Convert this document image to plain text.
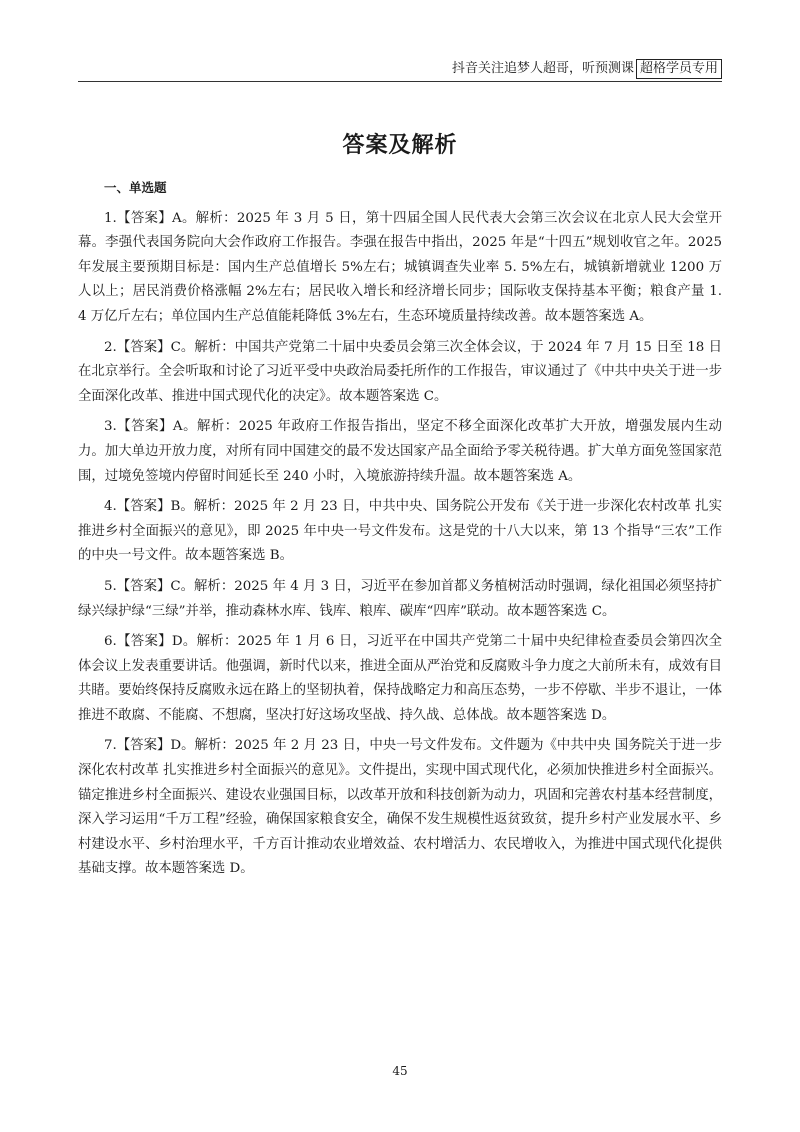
抖音关注追梦人超哥，听预测课 超格学员专用
答案及解析
一、单选题

1.【答案】A。解析：2025 年 3 月 5 日，第十四届全国人民代表大会第三次会议在北京人民大会堂开幕。李强代表国务院向大会作政府工作报告。李强在报告中指出，2025 年是“十四五”规划收官之年。2025 年发展主要预期目标是：国内生产总值增长 5%左右；城镇调查失业率 5. 5%左右，城镇新增就业 1200 万人以上；居民消费价格涨幅 2%左右；居民收入增长和经济增长同步；国际收支保持基本平衡；粮食产量 1. 4 万亿斤左右；单位国内生产总值能耗降低 3%左右，生态环境质量持续改善。故本题答案选 A。

2.【答案】C。解析：中国共产党第二十届中央委员会第三次全体会议，于 2024 年 7 月 15 日至 18 日在北京举行。全会听取和讨论了习近平受中央政治局委托所作的工作报告，审议通过了《中共中央关于进一步全面深化改革、推进中国式现代化的决定》。故本题答案选 C。

3.【答案】A。解析：2025 年政府工作报告指出，坚定不移全面深化改革扩大开放，增强发展内生动力。加大单边开放力度，对所有同中国建交的最不发达国家产品全面给予零关税待遇。扩大单方面免签国家范围，过境免签境内停留时间延长至 240 小时，入境旅游持续升温。故本题答案选 A。

4.【答案】B。解析：2025 年 2 月 23 日，中共中央、国务院公开发布《关于进一步深化农村改革 扎实推进乡村全面振兴的意见》，即 2025 年中央一号文件发布。这是党的十八大以来，第 13 个指导“三农”工作的中央一号文件。故本题答案选 B。

5.【答案】C。解析：2025 年 4 月 3 日，习近平在参加首都义务植树活动时强调，绿化祖国必须坚持扩绿兴绿护绿“三绿”并举，推动森林水库、钱库、粮库、碳库“四库”联动。故本题答案选 C。

6.【答案】D。解析：2025 年 1 月 6 日，习近平在中国共产党第二十届中央纪律检查委员会第四次全体会议上发表重要讲话。他强调，新时代以来，推进全面从严治党和反腐败斗争力度之大前所未有，成效有目共睹。要始终保持反腐败永远在路上的坚韧执着，保持战略定力和高压态势，一步不停歇、半步不退让，一体推进不敢腐、不能腐、不想腐，坚决打好这场攻坚战、持久战、总体战。故本题答案选 D。

7.【答案】D。解析：2025 年 2 月 23 日，中央一号文件发布。文件题为《中共中央 国务院关于进一步深化农村改革 扎实推进乡村全面振兴的意见》。文件提出，实现中国式现代化，必须加快推进乡村全面振兴。锚定推进乡村全面振兴、建设农业强国目标，以改革开放和科技创新为动力，巩固和完善农村基本经营制度，深入学习运用“千万工程”经验，确保国家粮食安全，确保不发生规模性返贫致贫，提升乡村产业发展水平、乡村建设水平、乡村治理水平，千方百计推动农业增效益、农村增活力、农民增收入，为推进中国式现代化提供基础支撑。故本题答案选 D。

45
